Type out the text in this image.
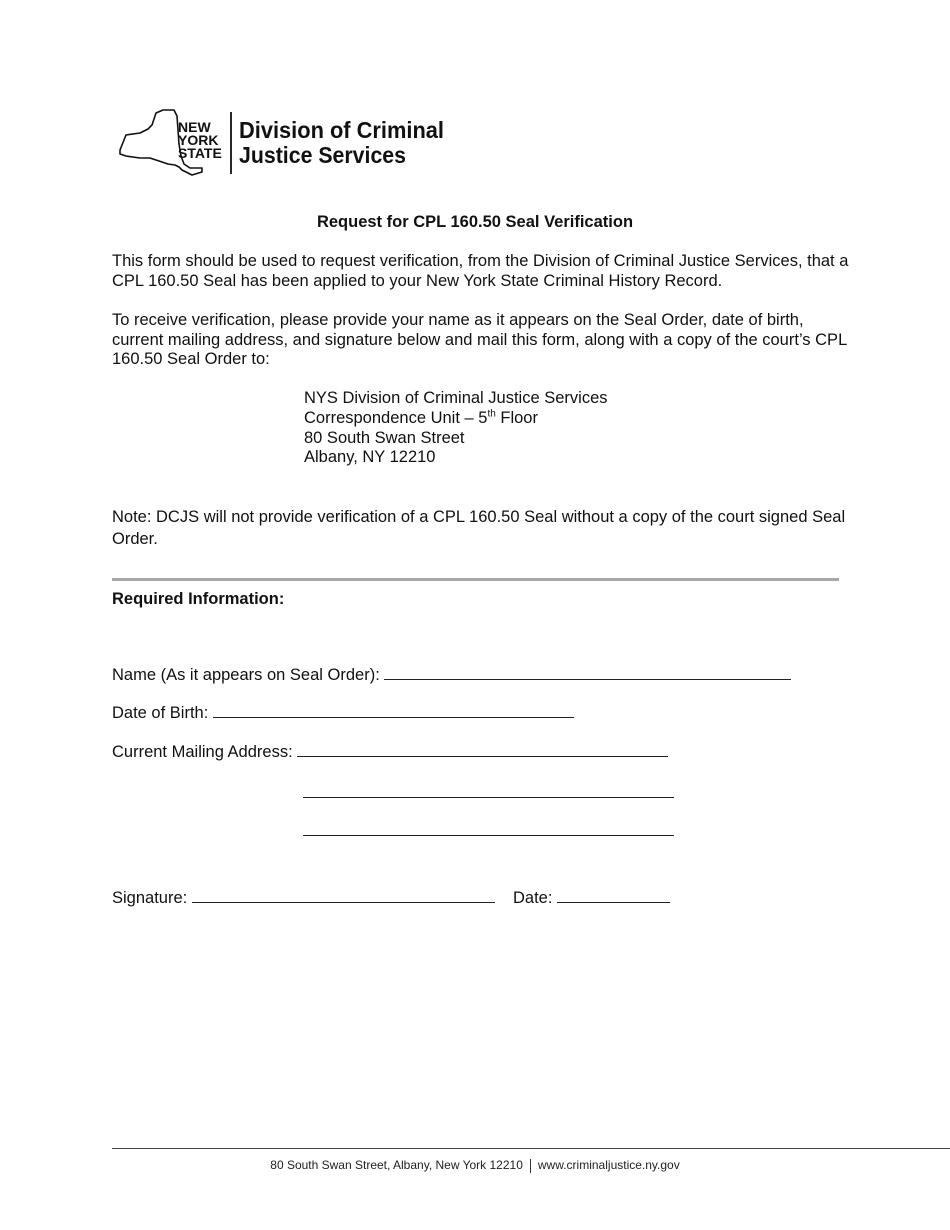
NEW
YORK
STATE
Division of Criminal
Justice Services
Request for CPL 160.50 Seal Verification
This form should be used to request verification, from the Division of Criminal Justice Services, that a CPL 160.50 Seal has been applied to your New York State Criminal History Record.
To receive verification, please provide your name as it appears on the Seal Order, date of birth, current mailing address, and signature below and mail this form, along with a copy of the court’s CPL 160.50 Seal Order to:
NYS Division of Criminal Justice Services
Correspondence Unit – 5th Floor
80 South Swan Street
Albany, NY 12210
Note: DCJS will not provide verification of a CPL 160.50 Seal without a copy of the court signed Seal Order.
Required Information:
Name (As it appears on Seal Order):
Date of Birth:
Current Mailing Address:
Signature:	Date:
80 South Swan Street, Albany, New York 12210 www.criminaljustice.ny.gov
